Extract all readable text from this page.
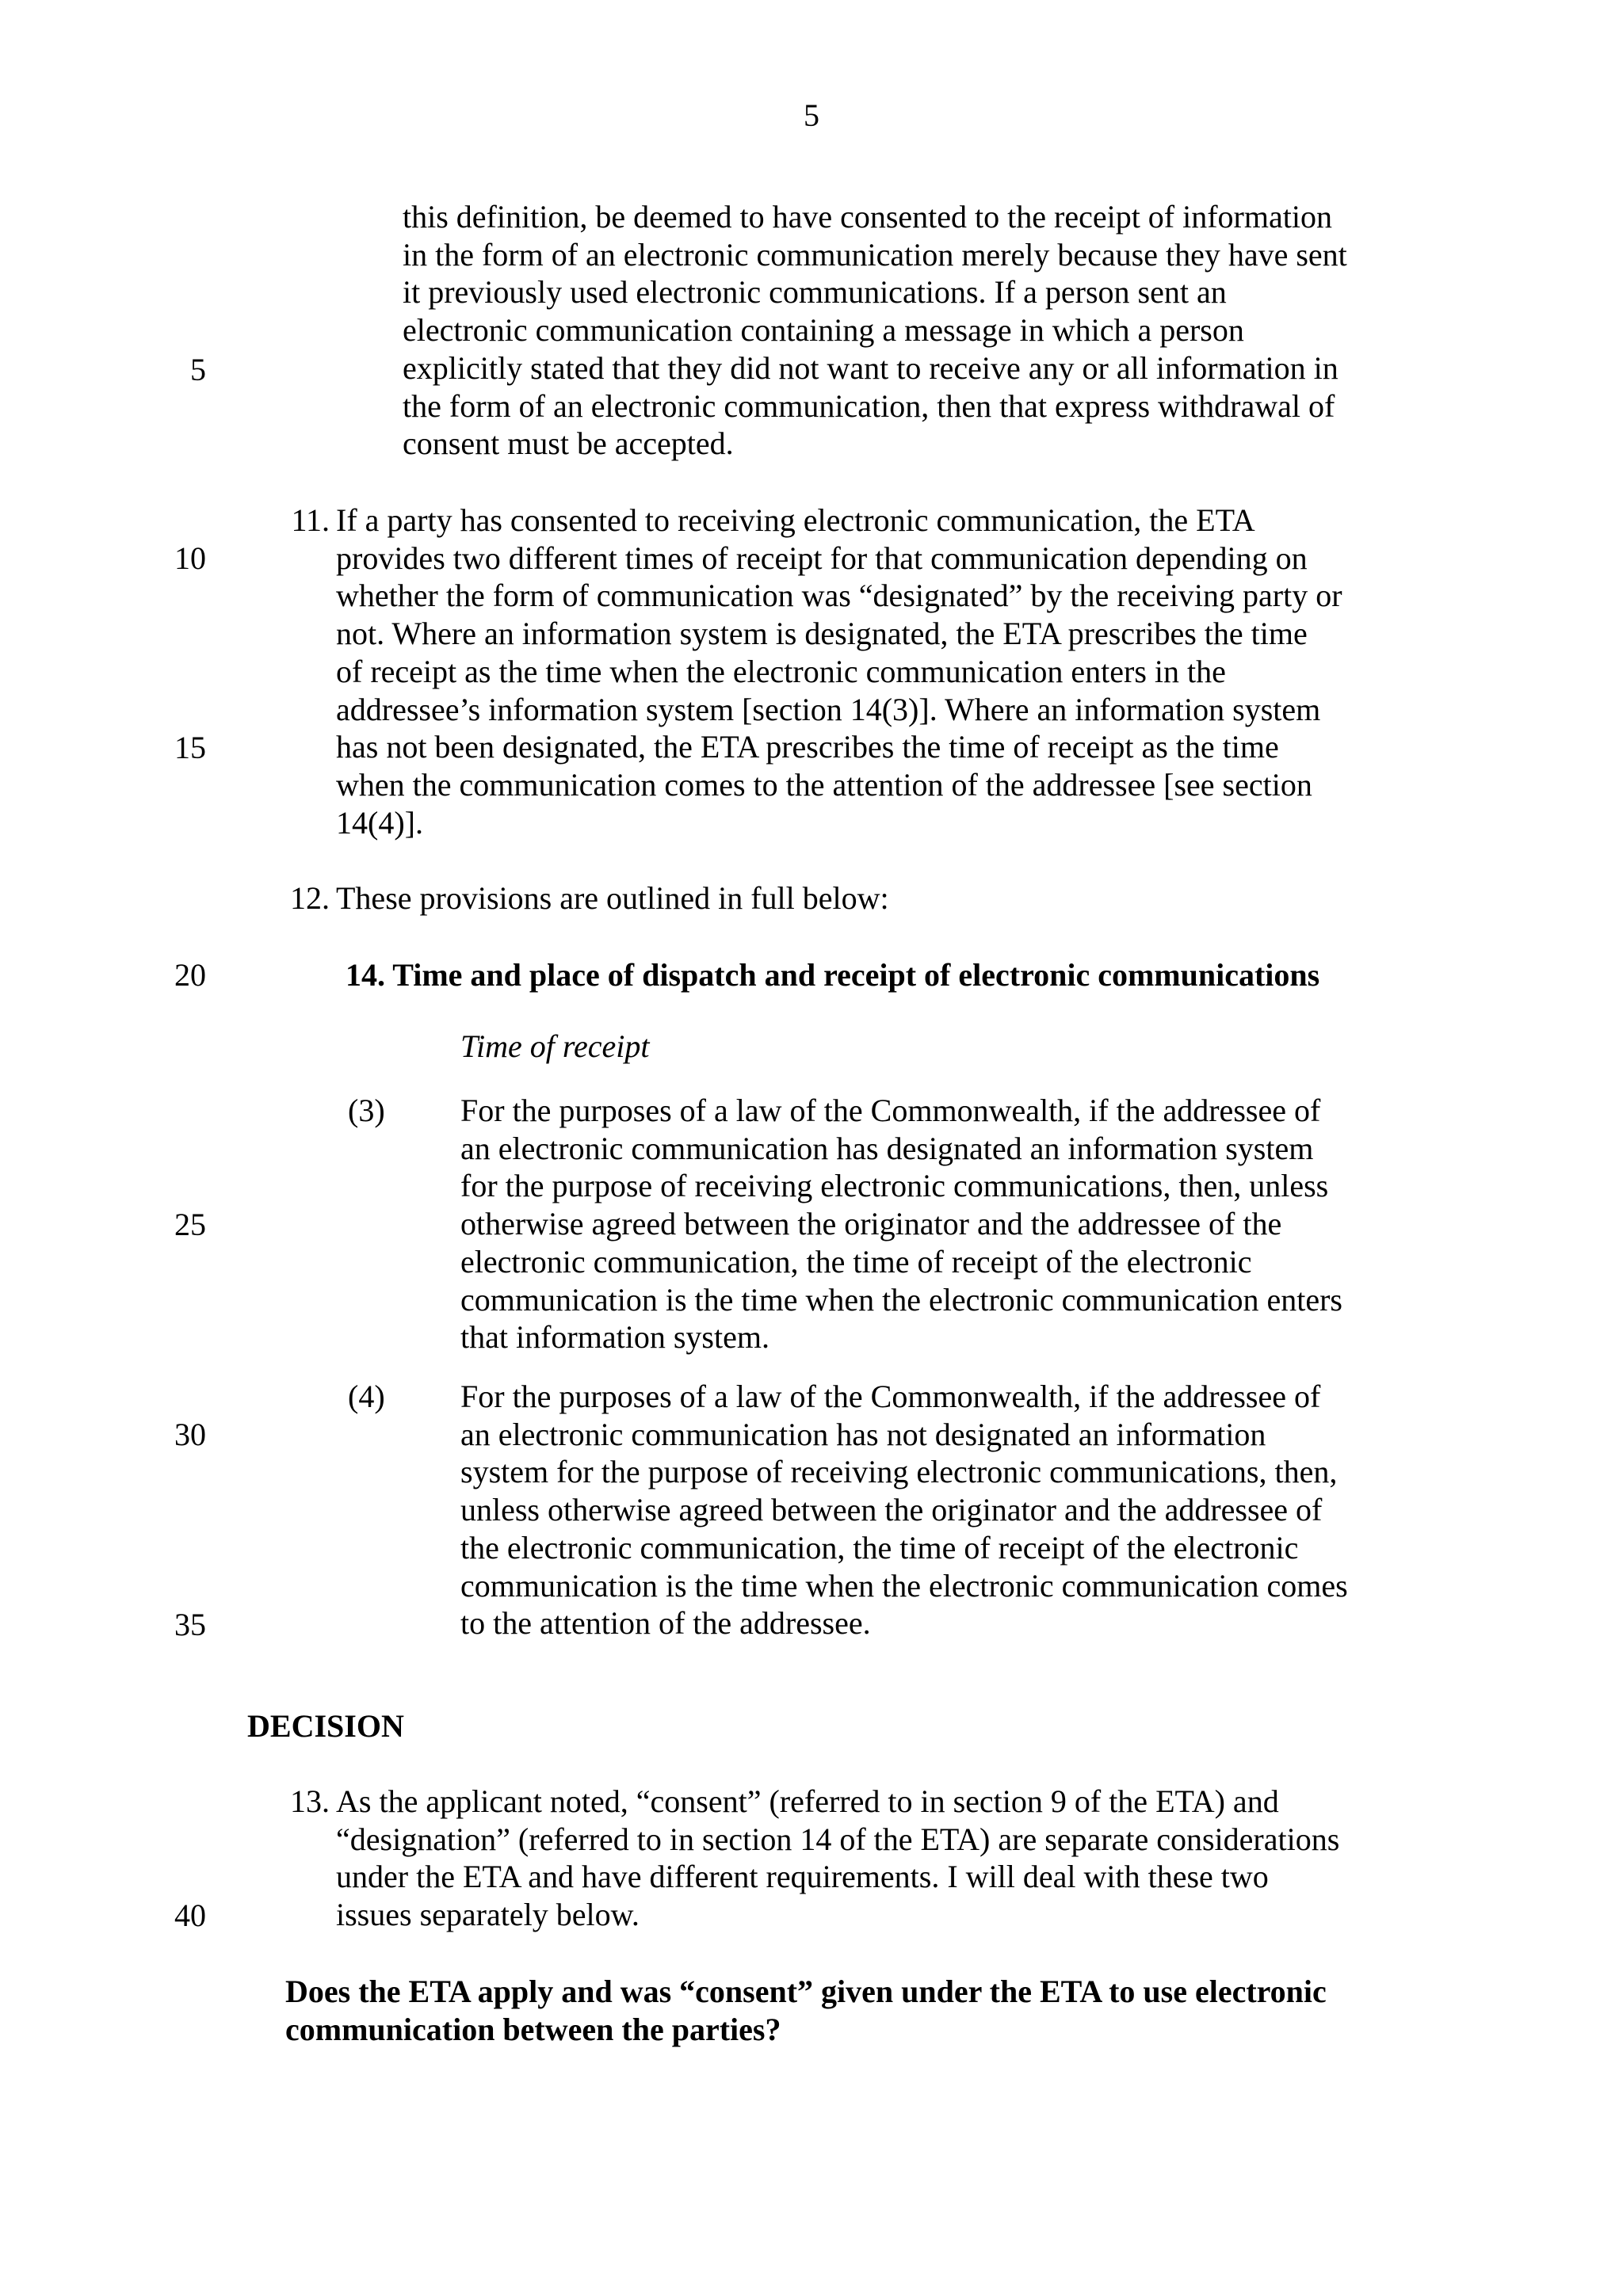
5
5
10
15
20
25
30
35
40
this definition, be deemed to have consented to the receipt of information
in the form of an electronic communication merely because they have sent
it previously used electronic communications. If a person sent an
electronic communication containing a message in which a person
explicitly stated that they did not want to receive any or all information in
the form of an electronic communication, then that express withdrawal of
consent must be accepted.
11. If a party has consented to receiving electronic communication, the ETA
provides two different times of receipt for that communication depending on
whether the form of communication was “designated” by the receiving party or
not. Where an information system is designated, the ETA prescribes the time
of receipt as the time when the electronic communication enters in the
addressee’s information system [section 14(3)]. Where an information system
has not been designated, the ETA prescribes the time of receipt as the time
when the communication comes to the attention of the addressee [see section
14(4)].
12. These provisions are outlined in full below:
14. Time and place of dispatch and receipt of electronic communications
Time of receipt
(3) For the purposes of a law of the Commonwealth, if the addressee of
an electronic communication has designated an information system
for the purpose of receiving electronic communications, then, unless
otherwise agreed between the originator and the addressee of the
electronic communication, the time of receipt of the electronic
communication is the time when the electronic communication enters
that information system.
(4) For the purposes of a law of the Commonwealth, if the addressee of
an electronic communication has not designated an information
system for the purpose of receiving electronic communications, then,
unless otherwise agreed between the originator and the addressee of
the electronic communication, the time of receipt of the electronic
communication is the time when the electronic communication comes
to the attention of the addressee.
DECISION
13. As the applicant noted, “consent” (referred to in section 9 of the ETA) and
“designation” (referred to in section 14 of the ETA) are separate considerations
under the ETA and have different requirements. I will deal with these two
issues separately below.
Does the ETA apply and was “consent” given under the ETA to use electronic
communication between the parties?
